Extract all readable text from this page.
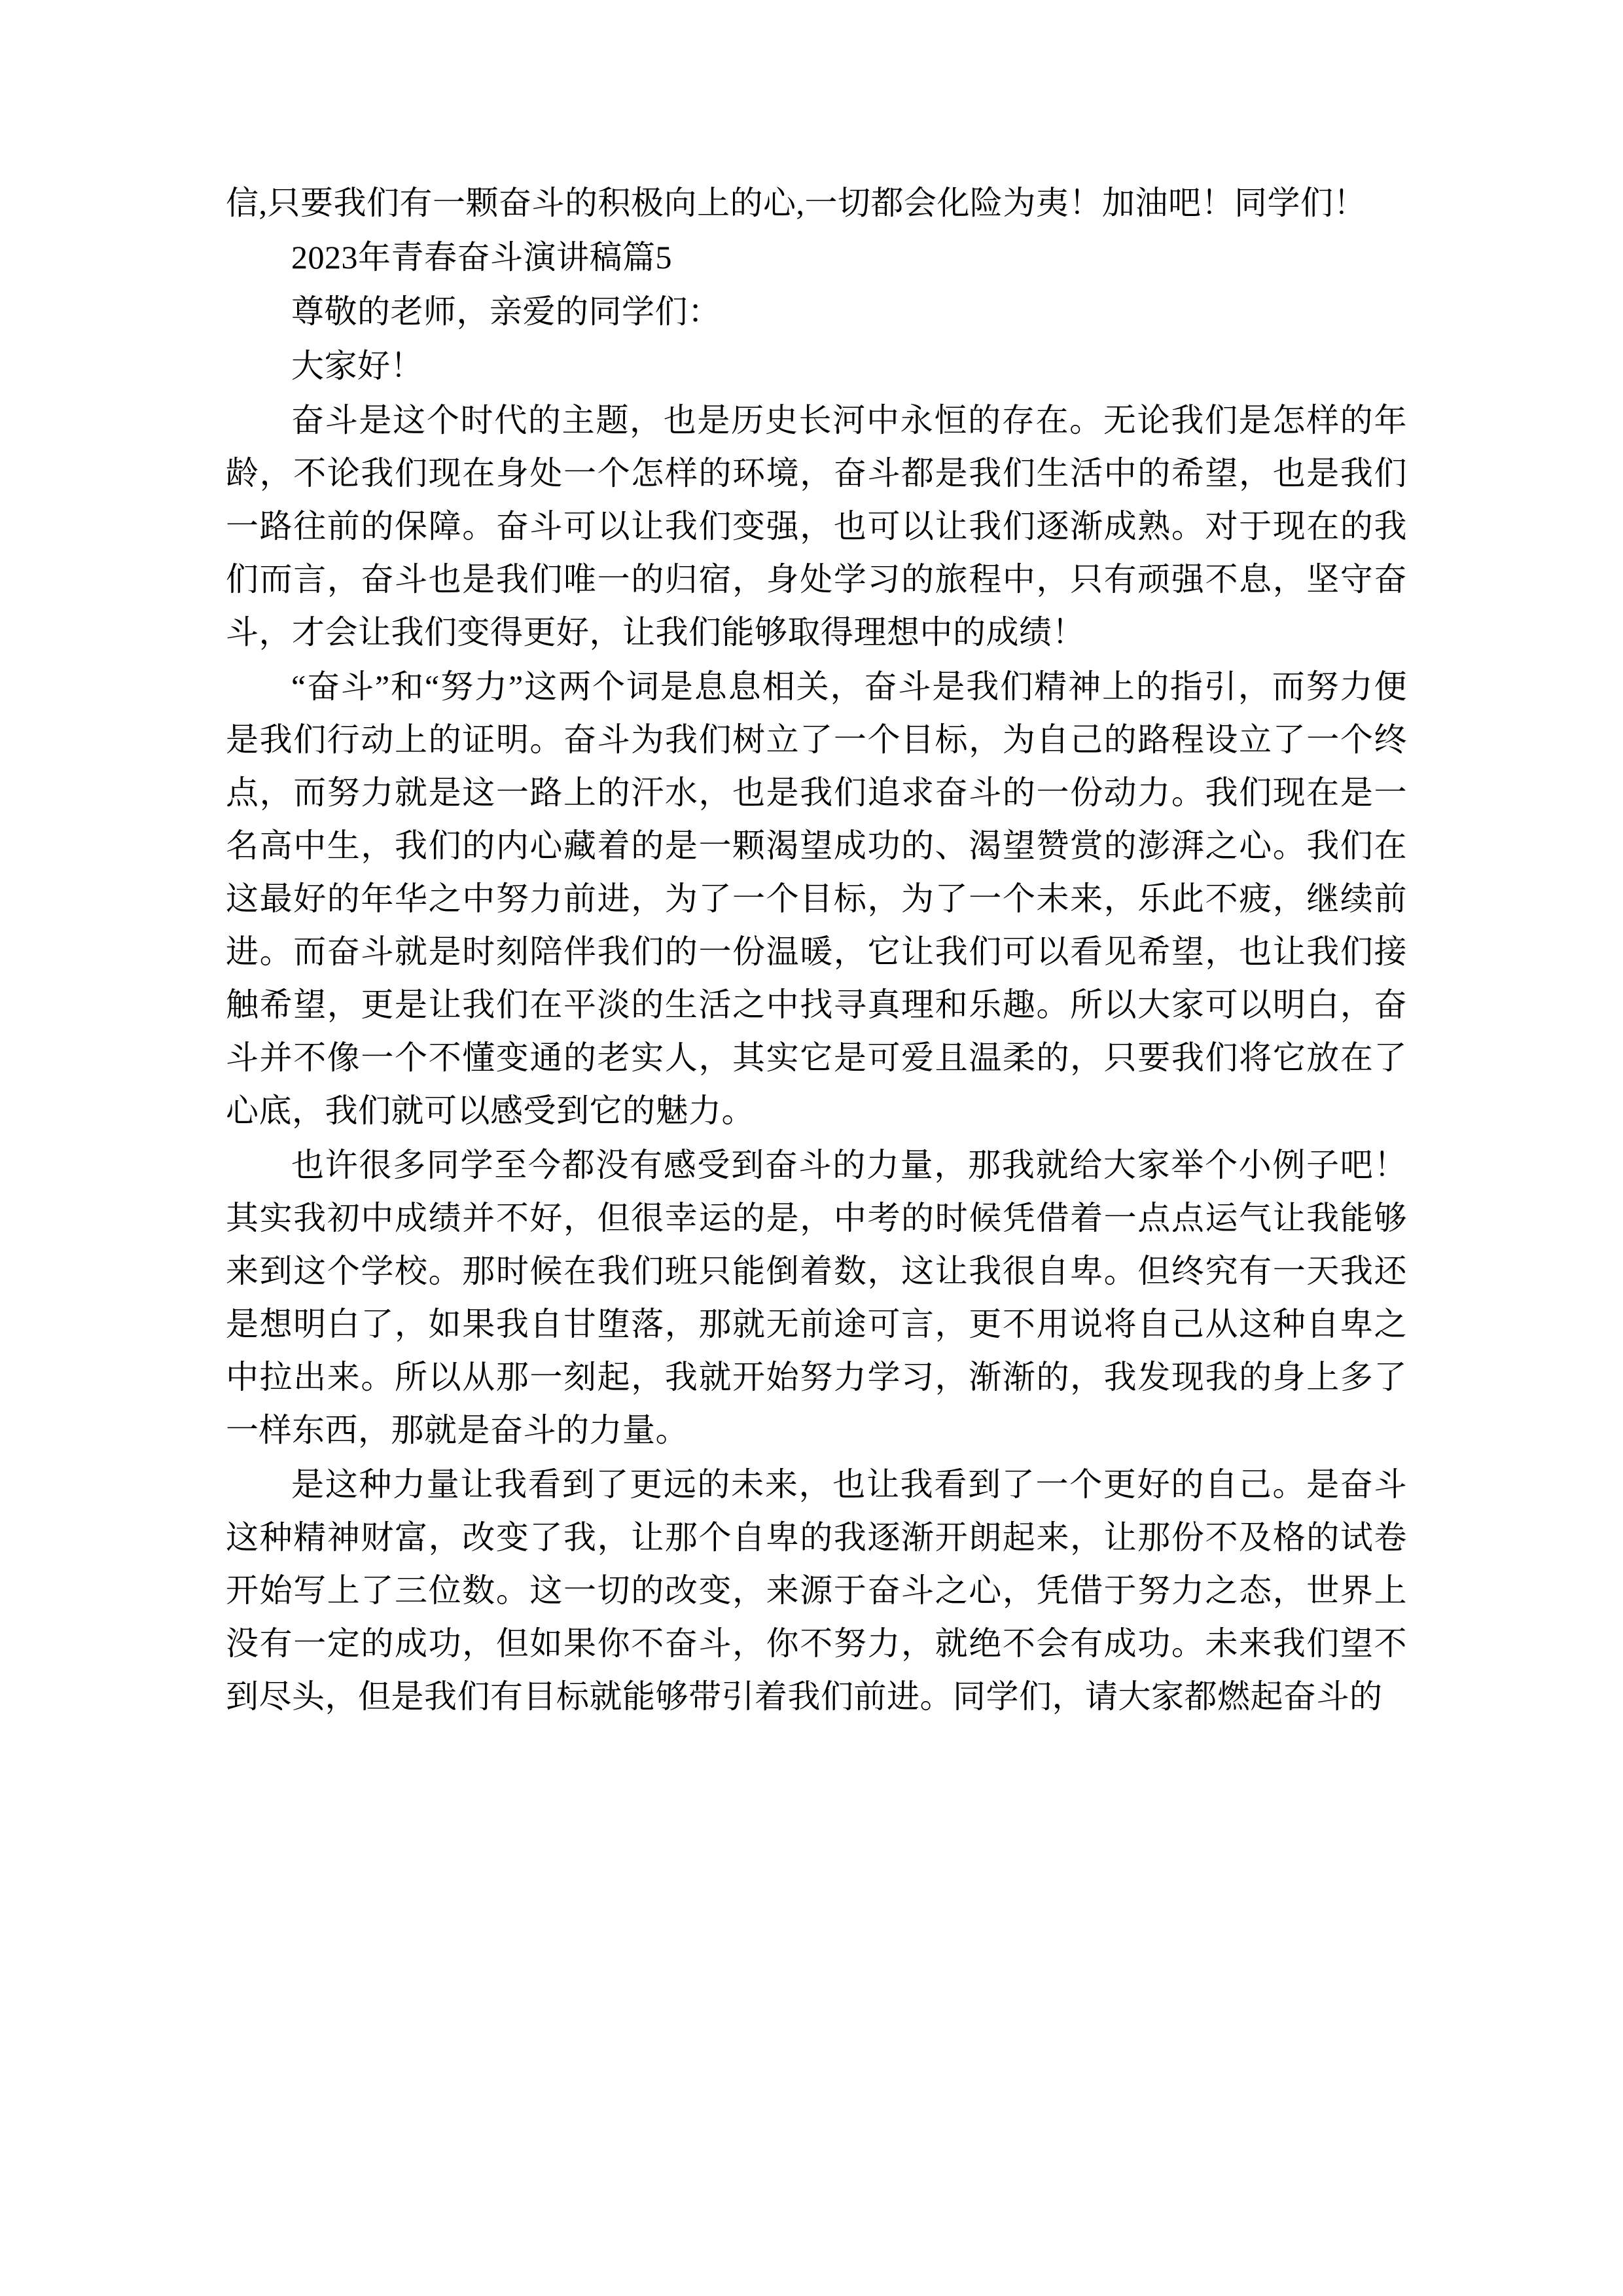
信,只要我们有一颗奋斗的积极向上的心,一切都会化险为夷！加油吧！同学们！

2023年青春奋斗演讲稿篇5

尊敬的老师，亲爱的同学们：

大家好！

奋斗是这个时代的主题，也是历史长河中永恒的存在。无论我们是怎样的年龄，不论我们现在身处一个怎样的环境，奋斗都是我们生活中的希望，也是我们一路往前的保障。奋斗可以让我们变强，也可以让我们逐渐成熟。对于现在的我们而言，奋斗也是我们唯一的归宿，身处学习的旅程中，只有顽强不息，坚守奋斗，才会让我们变得更好，让我们能够取得理想中的成绩！

“奋斗”和“努力”这两个词是息息相关，奋斗是我们精神上的指引，而努力便是我们行动上的证明。奋斗为我们树立了一个目标，为自己的路程设立了一个终点，而努力就是这一路上的汗水，也是我们追求奋斗的一份动力。我们现在是一名高中生，我们的内心藏着的是一颗渴望成功的、渴望赞赏的澎湃之心。我们在这最好的年华之中努力前进，为了一个目标，为了一个未来，乐此不疲，继续前进。而奋斗就是时刻陪伴我们的一份温暖，它让我们可以看见希望，也让我们接触希望，更是让我们在平淡的生活之中找寻真理和乐趣。所以大家可以明白，奋斗并不像一个不懂变通的老实人，其实它是可爱且温柔的，只要我们将它放在了心底，我们就可以感受到它的魅力。

也许很多同学至今都没有感受到奋斗的力量，那我就给大家举个小例子吧！其实我初中成绩并不好，但很幸运的是，中考的时候凭借着一点点运气让我能够来到这个学校。那时候在我们班只能倒着数，这让我很自卑。但终究有一天我还是想明白了，如果我自甘堕落，那就无前途可言，更不用说将自己从这种自卑之中拉出来。所以从那一刻起，我就开始努力学习，渐渐的，我发现我的身上多了一样东西，那就是奋斗的力量。

是这种力量让我看到了更远的未来，也让我看到了一个更好的自己。是奋斗这种精神财富，改变了我，让那个自卑的我逐渐开朗起来，让那份不及格的试卷开始写上了三位数。这一切的改变，来源于奋斗之心，凭借于努力之态，世界上没有一定的成功，但如果你不奋斗，你不努力，就绝不会有成功。未来我们望不到尽头，但是我们有目标就能够带引着我们前进。同学们，请大家都燃起奋斗的
